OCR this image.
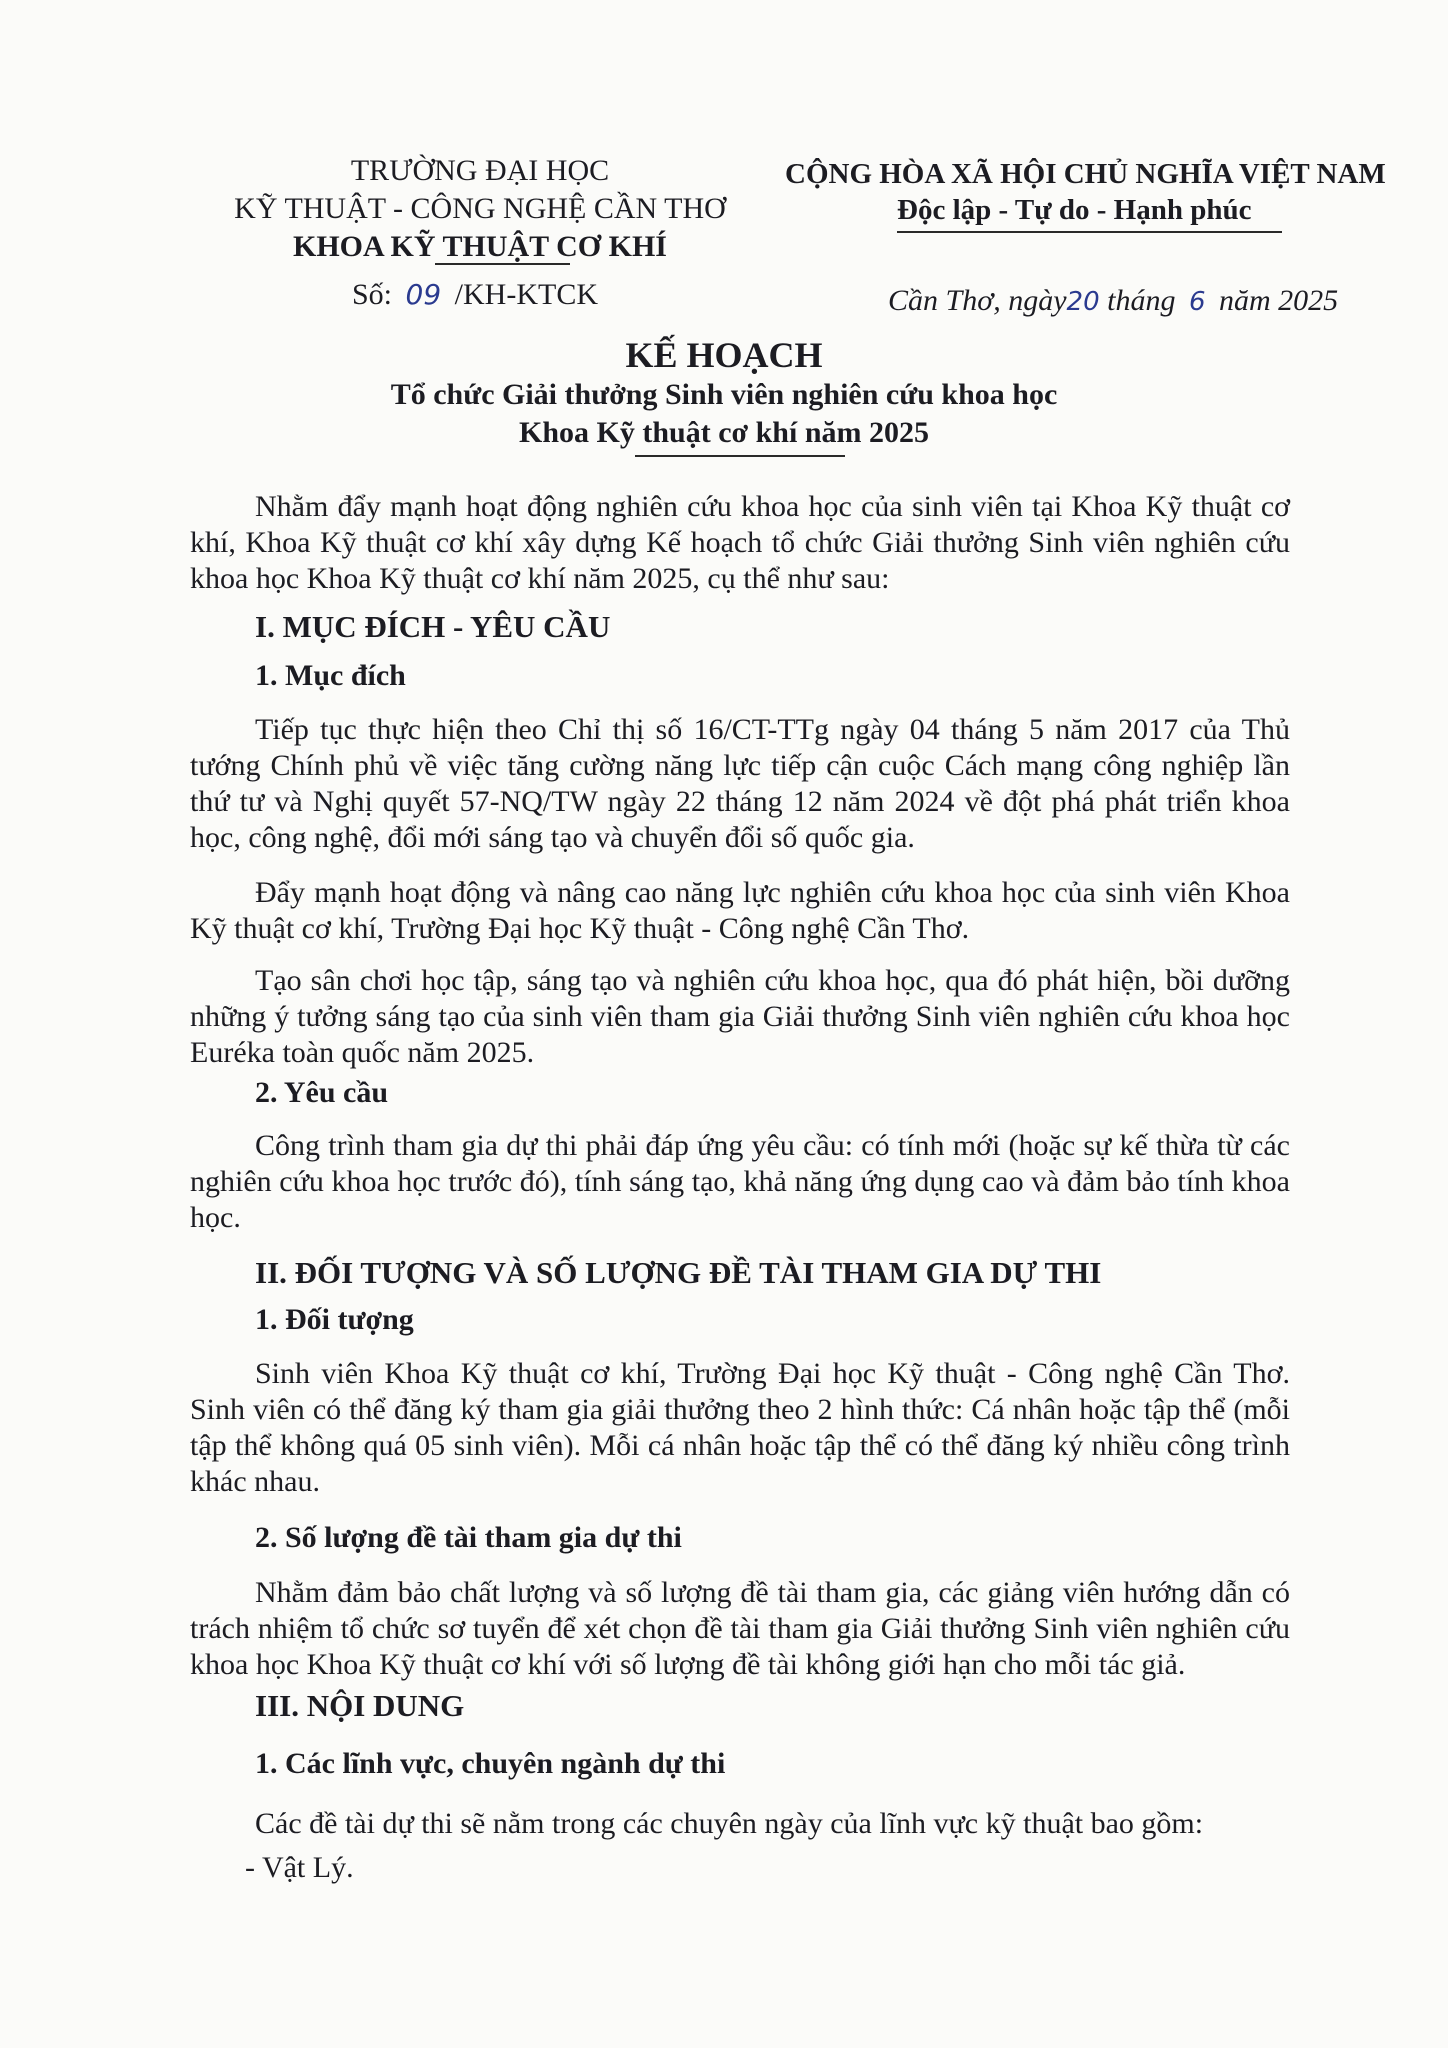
TRƯỜNG ĐẠI HỌC
KỸ THUẬT - CÔNG NGHỆ CẦN THƠ
KHOA KỸ THUẬT CƠ KHÍ
Số: 09 /KH-KTCK
CỘNG HÒA XÃ HỘI CHỦ NGHĨA VIỆT NAM
Độc lập - Tự do - Hạnh phúc
Cần Thơ, ngày20 tháng 6 năm 2025
KẾ HOẠCH
Tổ chức Giải thưởng Sinh viên nghiên cứu khoa học
Khoa Kỹ thuật cơ khí năm 2025
Nhằm đẩy mạnh hoạt động nghiên cứu khoa học của sinh viên tại Khoa Kỹ thuật cơ khí, Khoa Kỹ thuật cơ khí xây dựng Kế hoạch tổ chức Giải thưởng Sinh viên nghiên cứu khoa học Khoa Kỹ thuật cơ khí năm 2025, cụ thể như sau:
I. MỤC ĐÍCH - YÊU CẦU
1. Mục đích
Tiếp tục thực hiện theo Chỉ thị số 16/CT-TTg ngày 04 tháng 5 năm 2017 của Thủ tướng Chính phủ về việc tăng cường năng lực tiếp cận cuộc Cách mạng công nghiệp lần thứ tư và Nghị quyết 57-NQ/TW ngày 22 tháng 12 năm 2024 về đột phá phát triển khoa học, công nghệ, đổi mới sáng tạo và chuyển đổi số quốc gia.
Đẩy mạnh hoạt động và nâng cao năng lực nghiên cứu khoa học của sinh viên Khoa Kỹ thuật cơ khí, Trường Đại học Kỹ thuật - Công nghệ Cần Thơ.
Tạo sân chơi học tập, sáng tạo và nghiên cứu khoa học, qua đó phát hiện, bồi dưỡng những ý tưởng sáng tạo của sinh viên tham gia Giải thưởng Sinh viên nghiên cứu khoa học Euréka toàn quốc năm 2025.
2. Yêu cầu
Công trình tham gia dự thi phải đáp ứng yêu cầu: có tính mới (hoặc sự kế thừa từ các nghiên cứu khoa học trước đó), tính sáng tạo, khả năng ứng dụng cao và đảm bảo tính khoa học.
II. ĐỐI TƯỢNG VÀ SỐ LƯỢNG ĐỀ TÀI THAM GIA DỰ THI
1. Đối tượng
Sinh viên Khoa Kỹ thuật cơ khí, Trường Đại học Kỹ thuật - Công nghệ Cần Thơ. Sinh viên có thể đăng ký tham gia giải thưởng theo 2 hình thức: Cá nhân hoặc tập thể (mỗi tập thể không quá 05 sinh viên). Mỗi cá nhân hoặc tập thể có thể đăng ký nhiều công trình khác nhau.
2. Số lượng đề tài tham gia dự thi
Nhằm đảm bảo chất lượng và số lượng đề tài tham gia, các giảng viên hướng dẫn có trách nhiệm tổ chức sơ tuyển để xét chọn đề tài tham gia Giải thưởng Sinh viên nghiên cứu khoa học Khoa Kỹ thuật cơ khí với số lượng đề tài không giới hạn cho mỗi tác giả.
III. NỘI DUNG
1. Các lĩnh vực, chuyên ngành dự thi
Các đề tài dự thi sẽ nằm trong các chuyên ngày của lĩnh vực kỹ thuật bao gồm:
- Vật Lý.
